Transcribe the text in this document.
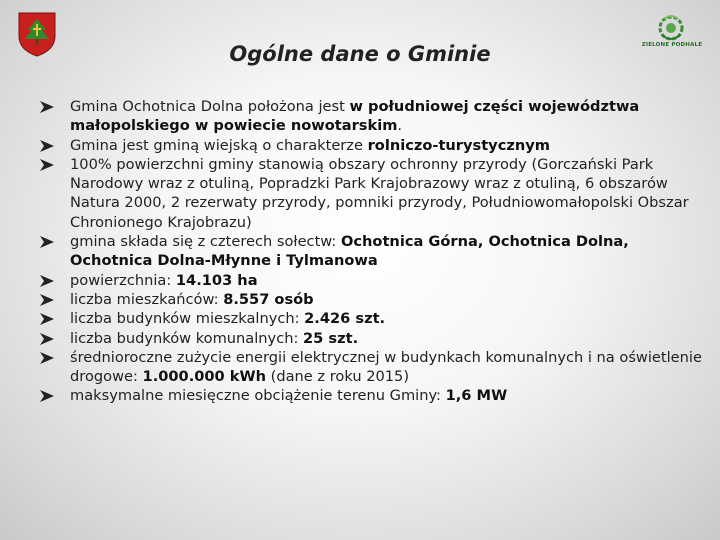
ZIELONE PODHALE
Ogólne dane o Gminie
Gmina Ochotnica Dolna położona jest w południowej części województwa małopolskiego w powiecie nowotarskim.
Gmina jest gminą wiejską o charakterze rolniczo-turystycznym
100% powierzchni gminy stanowią obszary ochronny przyrody (Gorczański Park Narodowy wraz z otuliną, Popradzki Park Krajobrazowy wraz z otuliną, 6 obszarów Natura 2000, 2 rezerwaty przyrody, pomniki przyrody, Południowomałopolski Obszar Chronionego Krajobrazu)
gmina składa się z czterech sołectw: Ochotnica Górna, Ochotnica Dolna, Ochotnica Dolna-Młynne i Tylmanowa
powierzchnia: 14.103 ha
liczba mieszkańców: 8.557 osób
liczba budynków mieszkalnych: 2.426 szt.
liczba budynków komunalnych: 25 szt.
średnioroczne zużycie energii elektrycznej w budynkach komunalnych i na oświetlenie drogowe: 1.000.000 kWh (dane z roku 2015)
maksymalne miesięczne obciążenie terenu Gminy: 1,6 MW
